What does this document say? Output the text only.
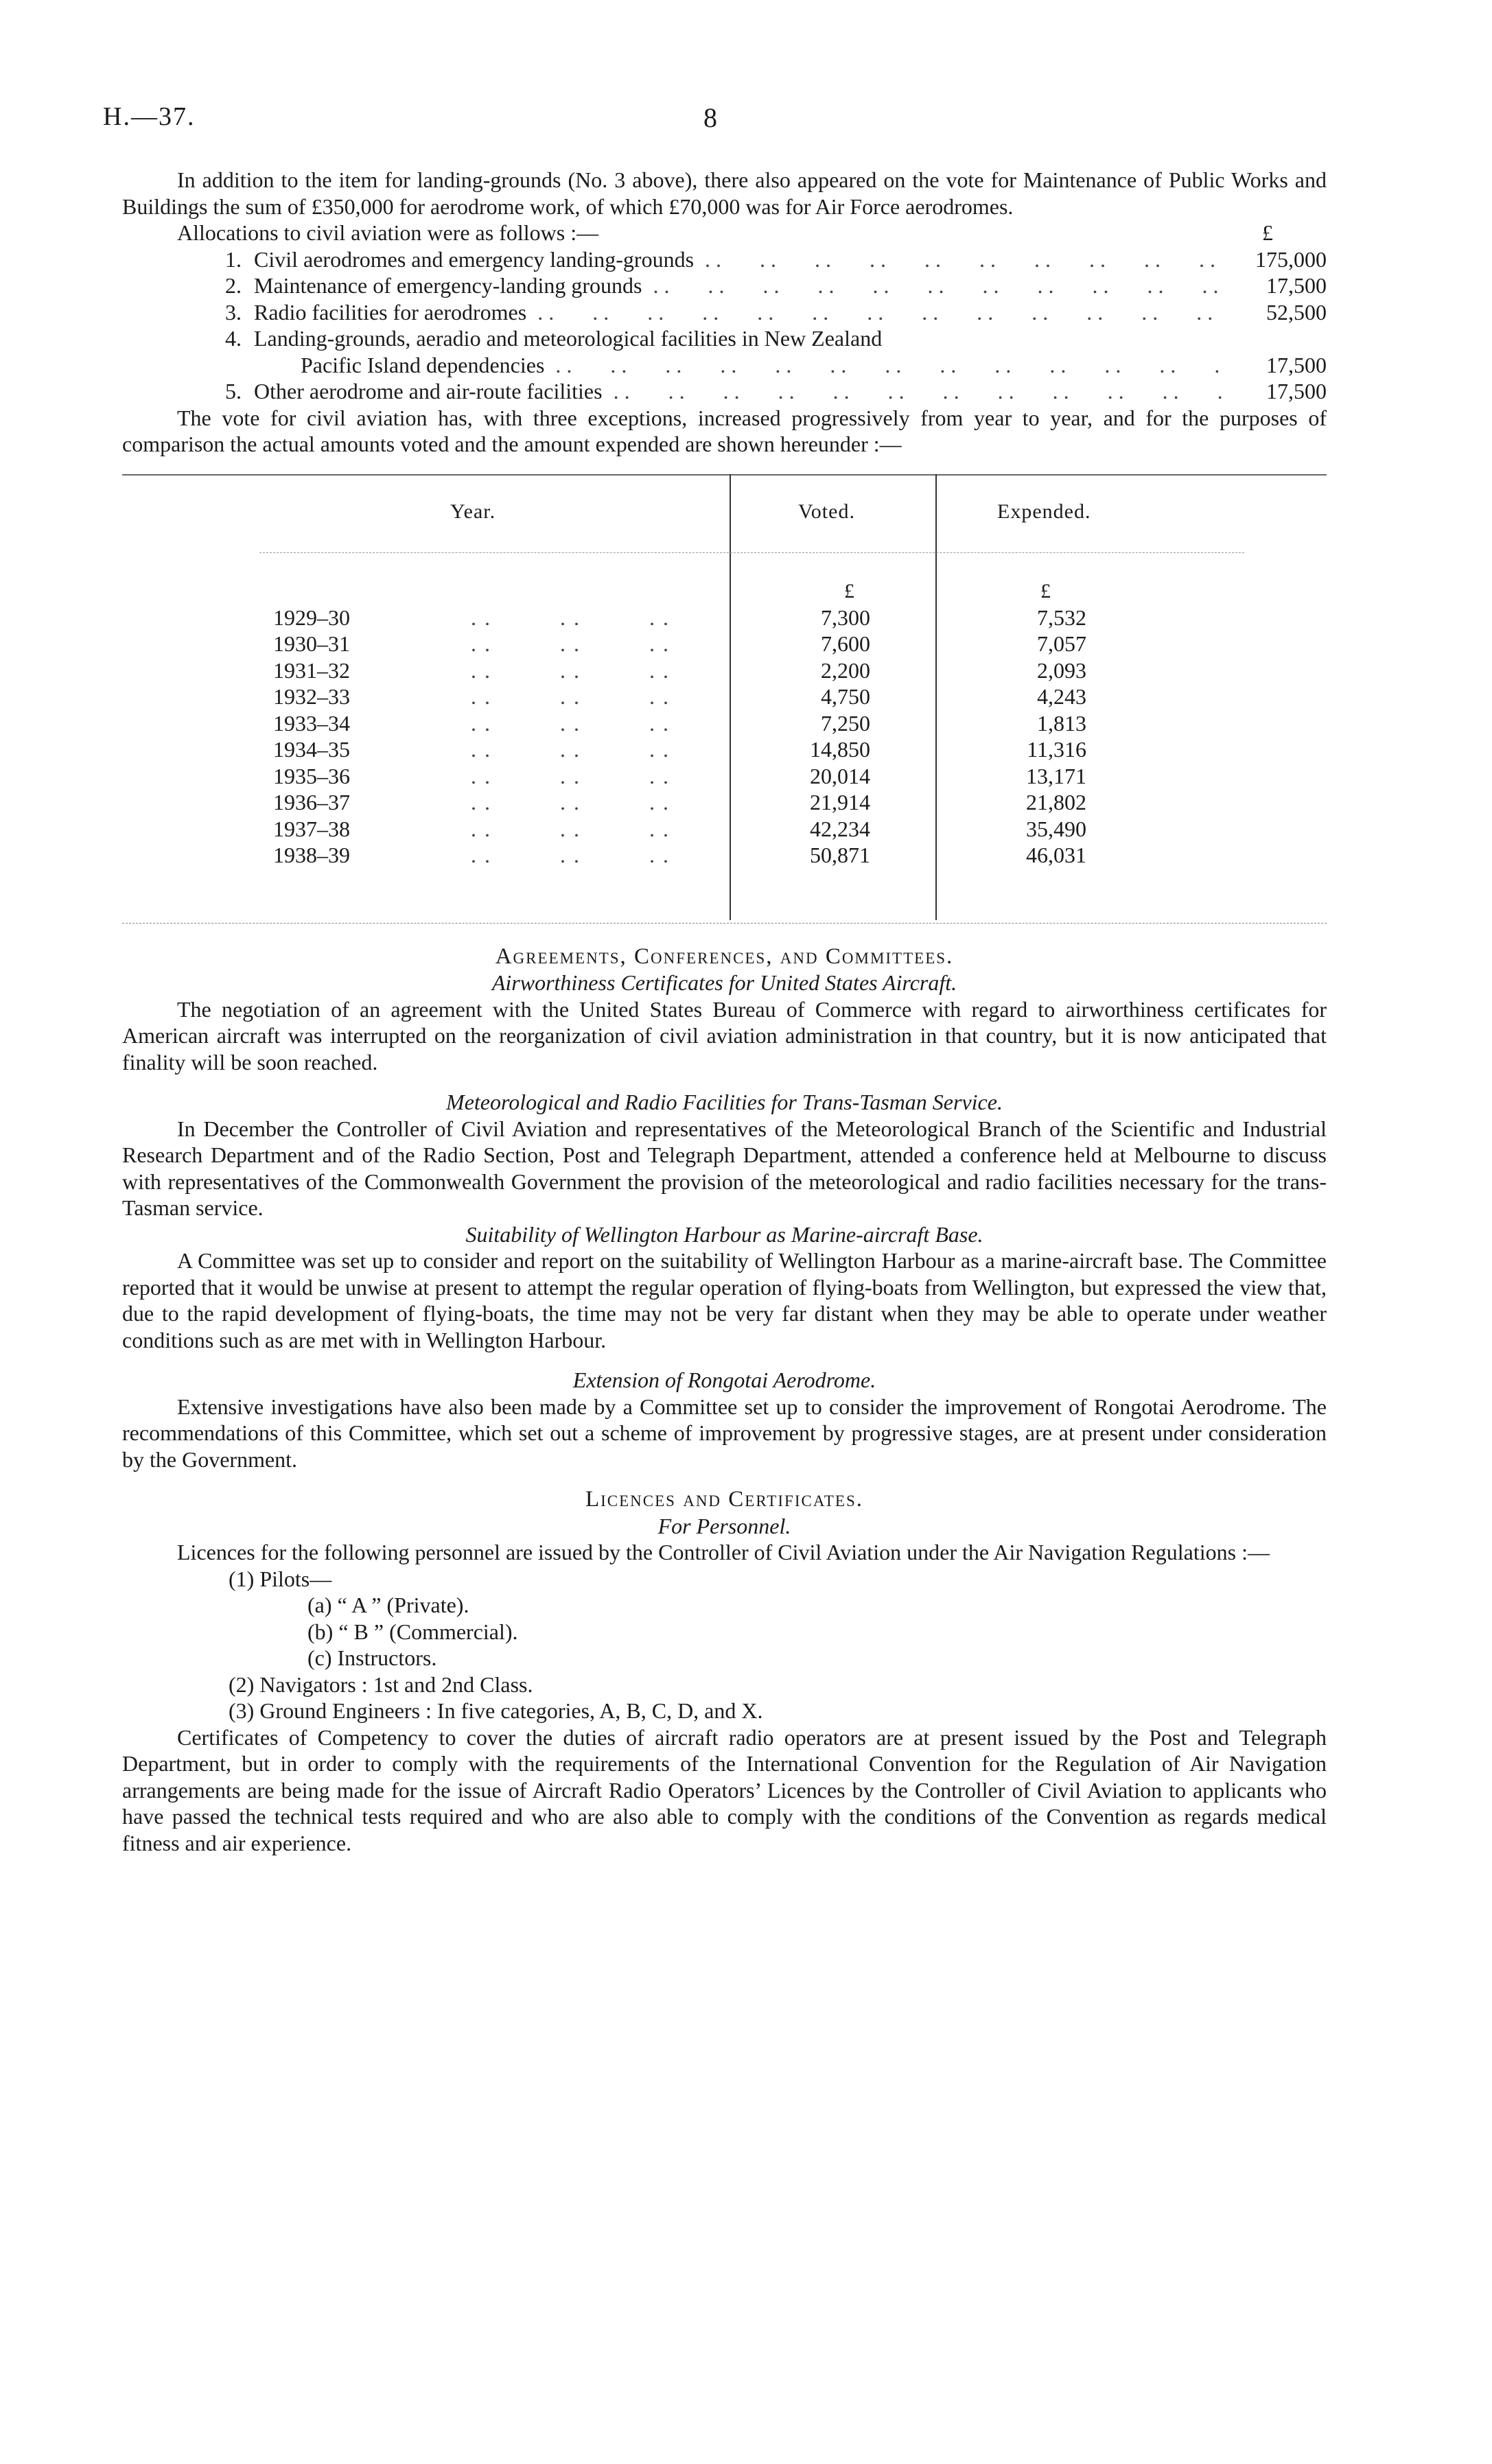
H.—37.	8

In addition to the item for landing-grounds (No. 3 above), there also appeared on the vote for Maintenance of Public Works and Buildings the sum of £350,000 for aerodrome work, of which £70,000 was for Air Force aerodromes.

Allocations to civil aviation were as follows :—	£
1. Civil aerodromes and emergency landing-grounds . .	175,000
2. Maintenance of emergency-landing grounds . .	17,500
3. Radio facilities for aerodromes . .	52,500
4. Landing-grounds, aeradio and meteorological facilities in New Zealand
Pacific Island dependencies . .	17,500
5. Other aerodrome and air-route facilities . .	17,500

The vote for civil aviation has, with three exceptions, increased progressively from year to year, and for the purposes of comparison the actual amounts voted and the amount expended are shown hereunder :—

Year.	Voted.	Expended.
£	£
1929–30	. .          . .          . .	7,300	7,532
1930–31	. .          . .          . .	7,600	7,057
1931–32	. .          . .          . .	2,200	2,093
1932–33	. .          . .          . .	4,750	4,243
1933–34	. .          . .          . .	7,250	1,813
1934–35	. .          . .          . .	14,850	11,316
1935–36	. .          . .          . .	20,014	13,171
1936–37	. .          . .          . .	21,914	21,802
1937–38	. .          . .          . .	42,234	35,490
1938–39	. .          . .          . .	50,871	46,031
Agreements, Conferences, and Committees.
Airworthiness Certificates for United States Aircraft.

The negotiation of an agreement with the United States Bureau of Commerce with regard to airworthiness certificates for American aircraft was interrupted on the reorganization of civil aviation administration in that country, but it is now anticipated that finality will be soon reached.

Meteorological and Radio Facilities for Trans-Tasman Service.

In December the Controller of Civil Aviation and representatives of the Meteorological Branch of the Scientific and Industrial Research Department and of the Radio Section, Post and Telegraph Department, attended a conference held at Melbourne to discuss with representatives of the Commonwealth Government the provision of the meteorological and radio facilities necessary for the trans-Tasman service.

Suitability of Wellington Harbour as Marine-aircraft Base.

A Committee was set up to consider and report on the suitability of Wellington Harbour as a marine-aircraft base. The Committee reported that it would be unwise at present to attempt the regular operation of flying-boats from Wellington, but expressed the view that, due to the rapid development of flying-boats, the time may not be very far distant when they may be able to operate under weather conditions such as are met with in Wellington Harbour.

Extension of Rongotai Aerodrome.

Extensive investigations have also been made by a Committee set up to consider the improvement of Rongotai Aerodrome. The recommendations of this Committee, which set out a scheme of improvement by progressive stages, are at present under consideration by the Government.

Licences and Certificates.
For Personnel.

Licences for the following personnel are issued by the Controller of Civil Aviation under the Air Navigation Regulations :—

(1) Pilots—
(a) “ A ” (Private).
(b) “ B ” (Commercial).
(c) Instructors.
(2) Navigators : 1st and 2nd Class.
(3) Ground Engineers : In five categories, A, B, C, D, and X.

Certificates of Competency to cover the duties of aircraft radio operators are at present issued by the Post and Telegraph Department, but in order to comply with the requirements of the International Convention for the Regulation of Air Navigation arrangements are being made for the issue of Aircraft Radio Operators’ Licences by the Controller of Civil Aviation to applicants who have passed the technical tests required and who are also able to comply with the conditions of the Convention as regards medical fitness and air experience.
